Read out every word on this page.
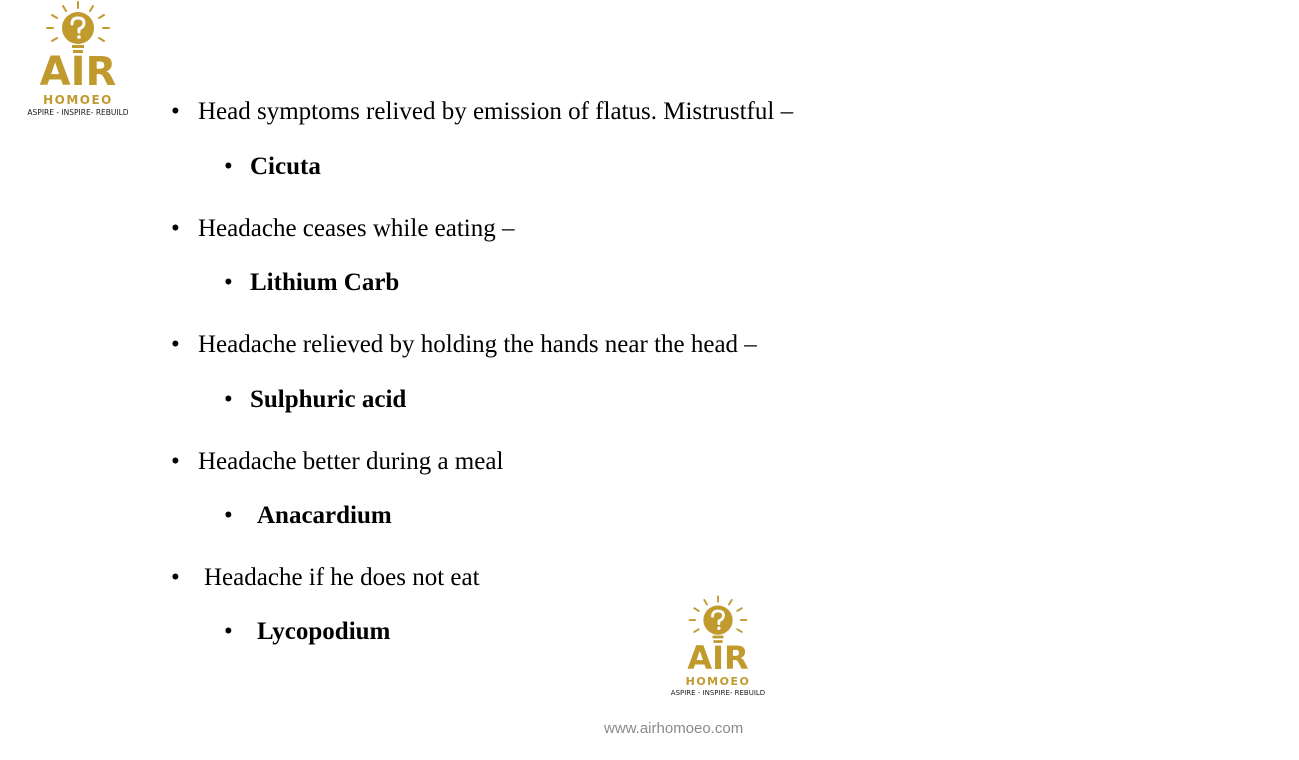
AIR
HOMOEO
ASPIRE - INSPIRE- REBUILD • Head symptoms relived by emission of flatus. Mistrustful –
• Cicuta
• Headache ceases while eating –
• Lithium Carb
• Headache relieved by holding the hands near the head –
• Sulphuric acid
• Headache better during a meal
• Anacardium
• Headache if he does not eat
• Lycopodium
AIR
HOMOEO
ASPIRE - INSPIRE- REBUILD
www.airhomoeo.com
